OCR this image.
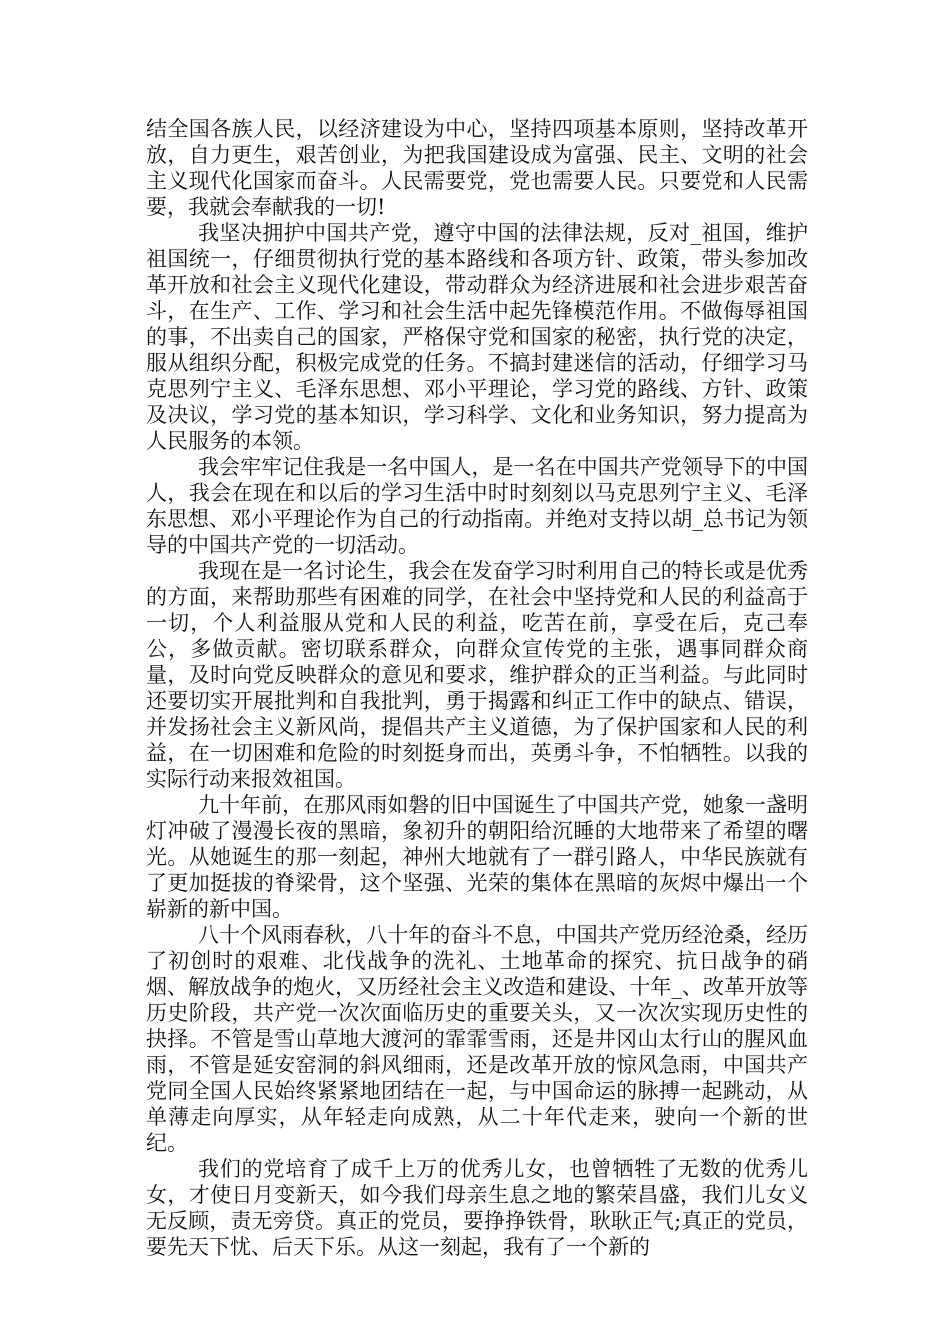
结全国各族人民，以经济建设为中心，坚持四项基本原则，坚持改革开放，自力更生，艰苦创业，为把我国建设成为富强、民主、文明的社会主义现代化国家而奋斗。人民需要党，党也需要人民。只要党和人民需要，我就会奉献我的一切!

我坚决拥护中国共产党，遵守中国的法律法规，反对_祖国，维护祖国统一，仔细贯彻执行党的基本路线和各项方针、政策，带头参加改革开放和社会主义现代化建设，带动群众为经济进展和社会进步艰苦奋斗，在生产、工作、学习和社会生活中起先锋模范作用。不做侮辱祖国的事，不出卖自己的国家，严格保守党和国家的秘密，执行党的决定，服从组织分配，积极完成党的任务。不搞封建迷信的活动，仔细学习马克思列宁主义、毛泽东思想、邓小平理论，学习党的路线、方针、政策及决议，学习党的基本知识，学习科学、文化和业务知识，努力提高为人民服务的本领。

我会牢牢记住我是一名中国人，是一名在中国共产党领导下的中国人，我会在现在和以后的学习生活中时时刻刻以马克思列宁主义、毛泽东思想、邓小平理论作为自己的行动指南。并绝对支持以胡_总书记为领导的中国共产党的一切活动。

我现在是一名讨论生，我会在发奋学习时利用自己的特长或是优秀的方面，来帮助那些有困难的同学，在社会中坚持党和人民的利益高于一切，个人利益服从党和人民的利益，吃苦在前，享受在后，克己奉公，多做贡献。密切联系群众，向群众宣传党的主张，遇事同群众商量，及时向党反映群众的意见和要求，维护群众的正当利益。与此同时还要切实开展批判和自我批判，勇于揭露和纠正工作中的缺点、错误，并发扬社会主义新风尚，提倡共产主义道德，为了保护国家和人民的利益，在一切困难和危险的时刻挺身而出，英勇斗争，不怕牺牲。以我的实际行动来报效祖国。

九十年前，在那风雨如磐的旧中国诞生了中国共产党，她象一盏明灯冲破了漫漫长夜的黑暗，象初升的朝阳给沉睡的大地带来了希望的曙光。从她诞生的那一刻起，神州大地就有了一群引路人，中华民族就有了更加挺拔的脊梁骨，这个坚强、光荣的集体在黑暗的灰烬中爆出一个崭新的新中国。

八十个风雨春秋，八十年的奋斗不息，中国共产党历经沧桑，经历了初创时的艰难、北伐战争的洗礼、土地革命的探究、抗日战争的硝烟、解放战争的炮火，又历经社会主义改造和建设、十年_、改革开放等历史阶段，共产党一次次面临历史的重要关头，又一次次实现历史性的抉择。不管是雪山草地大渡河的霏霏雪雨，还是井冈山太行山的腥风血雨，不管是延安窑洞的斜风细雨，还是改革开放的惊风急雨，中国共产党同全国人民始终紧紧地团结在一起，与中国命运的脉搏一起跳动，从单薄走向厚实，从年轻走向成熟，从二十年代走来，驶向一个新的世纪。

我们的党培育了成千上万的优秀儿女，也曾牺牲了无数的优秀儿女，才使日月变新天，如今我们母亲生息之地的繁荣昌盛，我们儿女义无反顾，责无旁贷。真正的党员，要挣挣铁骨，耿耿正气;真正的党员，要先天下忧、后天下乐。从这一刻起，我有了一个新的
